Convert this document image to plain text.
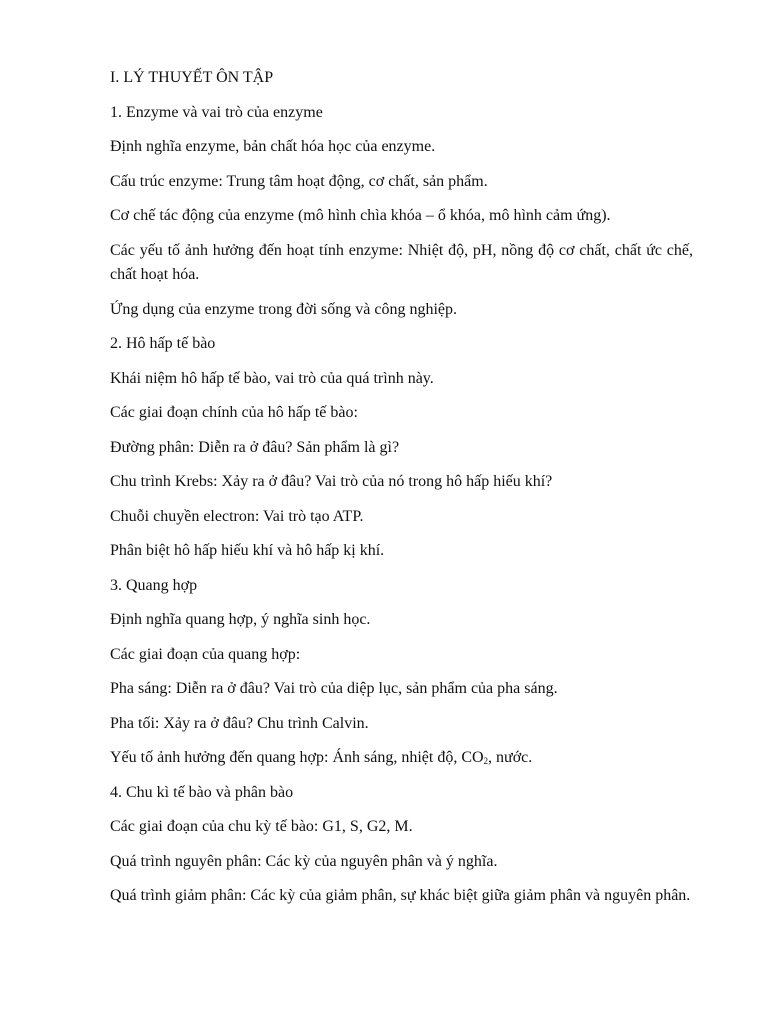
I. LÝ THUYẾT ÔN TẬP

1. Enzyme và vai trò của enzyme

Định nghĩa enzyme, bản chất hóa học của enzyme.

Cấu trúc enzyme: Trung tâm hoạt động, cơ chất, sản phẩm.

Cơ chế tác động của enzyme (mô hình chìa khóa – ổ khóa, mô hình cảm ứng).

Các yếu tố ảnh hưởng đến hoạt tính enzyme: Nhiệt độ, pH, nồng độ cơ chất, chất ức chế, chất hoạt hóa.

Ứng dụng của enzyme trong đời sống và công nghiệp.

2. Hô hấp tế bào

Khái niệm hô hấp tế bào, vai trò của quá trình này.

Các giai đoạn chính của hô hấp tế bào:

Đường phân: Diễn ra ở đâu? Sản phẩm là gì?

Chu trình Krebs: Xảy ra ở đâu? Vai trò của nó trong hô hấp hiếu khí?

Chuỗi chuyền electron: Vai trò tạo ATP.

Phân biệt hô hấp hiếu khí và hô hấp kị khí.

3. Quang hợp

Định nghĩa quang hợp, ý nghĩa sinh học.

Các giai đoạn của quang hợp:

Pha sáng: Diễn ra ở đâu? Vai trò của diệp lục, sản phẩm của pha sáng.

Pha tối: Xảy ra ở đâu? Chu trình Calvin.

Yếu tố ảnh hưởng đến quang hợp: Ánh sáng, nhiệt độ, $CO_2$, nước.

4. Chu kì tế bào và phân bào

Các giai đoạn của chu kỳ tế bào: G1, S, G2, M.

Quá trình nguyên phân: Các kỳ của nguyên phân và ý nghĩa.

Quá trình giảm phân: Các kỳ của giảm phân, sự khác biệt giữa giảm phân và nguyên phân.
